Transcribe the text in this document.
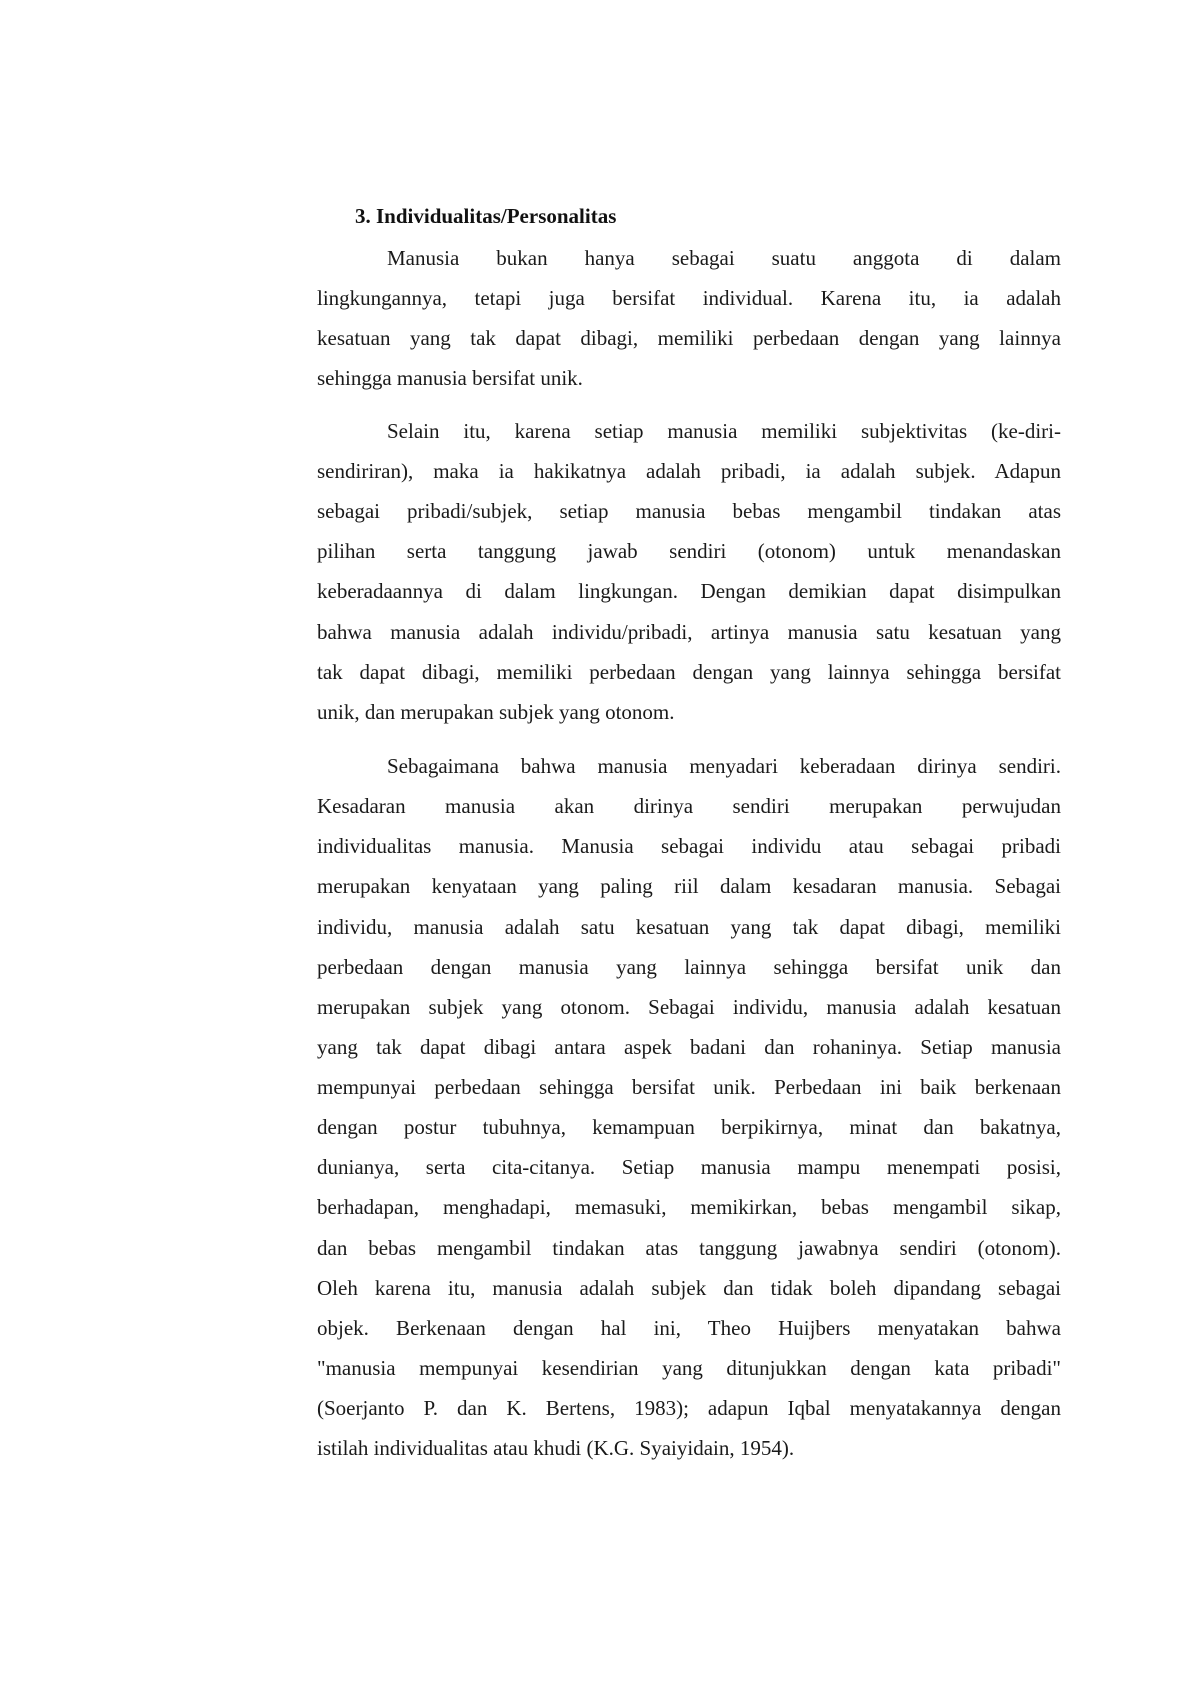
3. Individualitas/Personalitas
Manusia bukan hanya sebagai suatu anggota di dalam
lingkungannya, tetapi juga bersifat individual. Karena itu, ia adalah
kesatuan yang tak dapat dibagi, memiliki perbedaan dengan yang lainnya
sehingga manusia bersifat unik.
Selain itu, karena setiap manusia memiliki subjektivitas (ke-diri-
sendiriran), maka ia hakikatnya adalah pribadi, ia adalah subjek. Adapun
sebagai pribadi/subjek, setiap manusia bebas mengambil tindakan atas
pilihan serta tanggung jawab sendiri (otonom) untuk menandaskan
keberadaannya di dalam lingkungan. Dengan demikian dapat disimpulkan
bahwa manusia adalah individu/pribadi, artinya manusia satu kesatuan yang
tak dapat dibagi, memiliki perbedaan dengan yang lainnya sehingga bersifat
unik, dan merupakan subjek yang otonom.
Sebagaimana bahwa manusia menyadari keberadaan dirinya sendiri.
Kesadaran manusia akan dirinya sendiri merupakan perwujudan
individualitas manusia. Manusia sebagai individu atau sebagai pribadi
merupakan kenyataan yang paling riil dalam kesadaran manusia. Sebagai
individu, manusia adalah satu kesatuan yang tak dapat dibagi, memiliki
perbedaan dengan manusia yang lainnya sehingga bersifat unik dan
merupakan subjek yang otonom. Sebagai individu, manusia adalah kesatuan
yang tak dapat dibagi antara aspek badani dan rohaninya. Setiap manusia
mempunyai perbedaan sehingga bersifat unik. Perbedaan ini baik berkenaan
dengan postur tubuhnya, kemampuan berpikirnya, minat dan bakatnya,
dunianya, serta cita-citanya. Setiap manusia mampu menempati posisi,
berhadapan, menghadapi, memasuki, memikirkan, bebas mengambil sikap,
dan bebas mengambil tindakan atas tanggung jawabnya sendiri (otonom).
Oleh karena itu, manusia adalah subjek dan tidak boleh dipandang sebagai
objek. Berkenaan dengan hal ini, Theo Huijbers menyatakan bahwa
"manusia mempunyai kesendirian yang ditunjukkan dengan kata pribadi"
(Soerjanto P. dan K. Bertens, 1983); adapun Iqbal menyatakannya dengan
istilah individualitas atau khudi (K.G. Syaiyidain, 1954).
